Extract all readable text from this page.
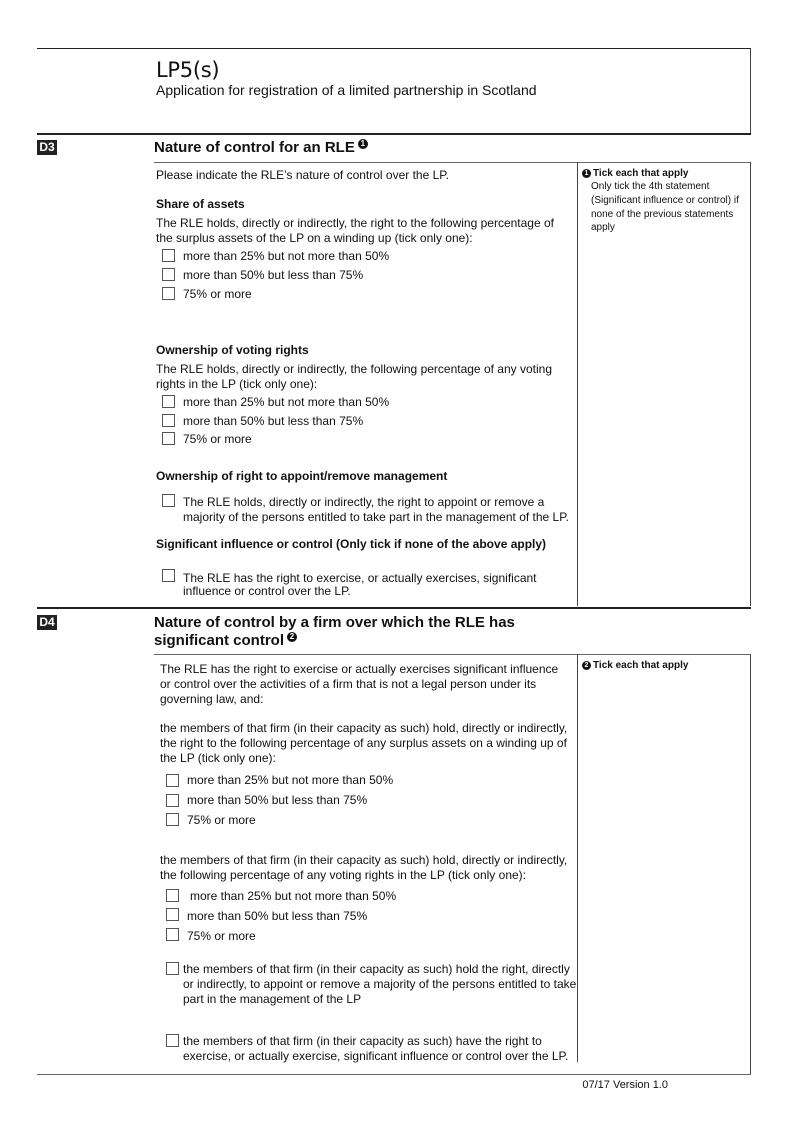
LP5(s)
Application for registration of a limited partnership in Scotland
D3	Nature of control for an RLE 1
Please indicate the RLE’s nature of control over the LP.
Share of assets
The RLE holds, directly or indirectly, the right to the following percentage of
the surplus assets of the LP on a winding up (tick only one):
more than 25% but not more than 50%
more than 50% but less than 75%
75% or more
Ownership of voting rights
The RLE holds, directly or indirectly, the following percentage of any voting
rights in the LP (tick only one):
more than 25% but not more than 50%
more than 50% but less than 75%
75% or more
Ownership of right to appoint/remove management
The RLE holds, directly or indirectly, the right to appoint or remove a
majority of the persons entitled to take part in the management of the LP.
Significant influence or control (Only tick if none of the above apply)
The RLE has the right to exercise, or actually exercises, significant
influence or control over the LP.
1 Tick each that apply
Only tick the 4th statement
(Significant influence or control) if
none of the previous statements
apply
D4	Nature of control by a firm over which the RLE has
significant control 2
The RLE has the right to exercise or actually exercises significant influence
or control over the activities of a firm that is not a legal person under its
governing law, and:
the members of that firm (in their capacity as such) hold, directly or indirectly,
the right to the following percentage of any surplus assets on a winding up of
the LP (tick only one):
more than 25% but not more than 50%
more than 50% but less than 75%
75% or more
the members of that firm (in their capacity as such) hold, directly or indirectly,
the following percentage of any voting rights in the LP (tick only one):
more than 25% but not more than 50%
more than 50% but less than 75%
75% or more
the members of that firm (in their capacity as such) hold the right, directly
or indirectly, to appoint or remove a majority of the persons entitled to take
part in the management of the LP
the members of that firm (in their capacity as such) have the right to
exercise, or actually exercise, significant influence or control over the LP.
2 Tick each that apply
07/17 Version 1.0
